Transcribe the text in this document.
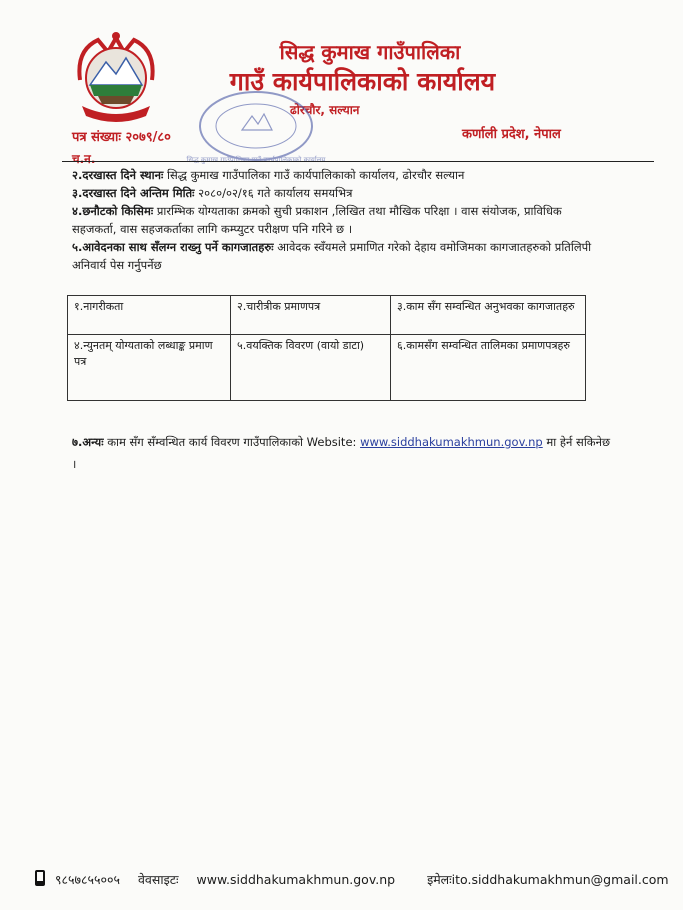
सिद्ध कुमाख गाउँपालिका
गाउँ कार्यपालिकाको कार्यालय
ढोरचौर, सल्यान
सिद्ध कुमाख गाउँपालिका गाउँ कार्यपालिकाको कार्यालय
पत्र संख्याः २०७९/८०
च.न.
कर्णाली प्रदेश, नेपाल

२.दरखास्त दिने स्थानः सिद्ध कुमाख गाउँपालिका गाउँ कार्यपालिकाको कार्यालय, ढोरचौर सल्यान

३.दरखास्त दिने अन्तिम मितिः २०८०/०२/१६ गते कार्यालय समयभित्र

४.छनौटको किसिमः प्रारम्भिक योग्यताका क्रमको सुची प्रकाशन ,लिखित तथा मौखिक परिक्षा । वास संयोजक, प्राविधिक सहजकर्ता, वास सहजकर्ताका लागि कम्प्युटर परीक्षण पनि गरिने छ ।

५.आवेदनका साथ सँलग्न राख्नु पर्ने कागजातहरुः आवेदक स्वँयमले प्रमाणित गरेको देहाय वमोजिमका कागजातहरुको प्रतिलिपी अनिवार्य पेस गर्नुपर्नेछ

१.नागरीकता	२.चारीत्रीक प्रमाणपत्र	३.काम सँग सम्वन्धित अनुभवका कागजातहरु
४.न्युनतम् योग्यताको लब्धाङ्क प्रमाण पत्र	५.वयक्तिक विवरण (वायो डाटा)	६.कामसँग सम्वन्धित तालिमका प्रमाणपत्रहरु
७.अन्यः काम सँग सँम्वन्धित कार्य विवरण गाउँपालिकाको Website: www.siddhakumakhmun.gov.np मा हेर्न सकिनेछ ।
९८५७८५५००५ वेवसाइटः www.siddhakumakhmun.gov.np	इमेलःito.siddhakumakhmun@gmail.com
